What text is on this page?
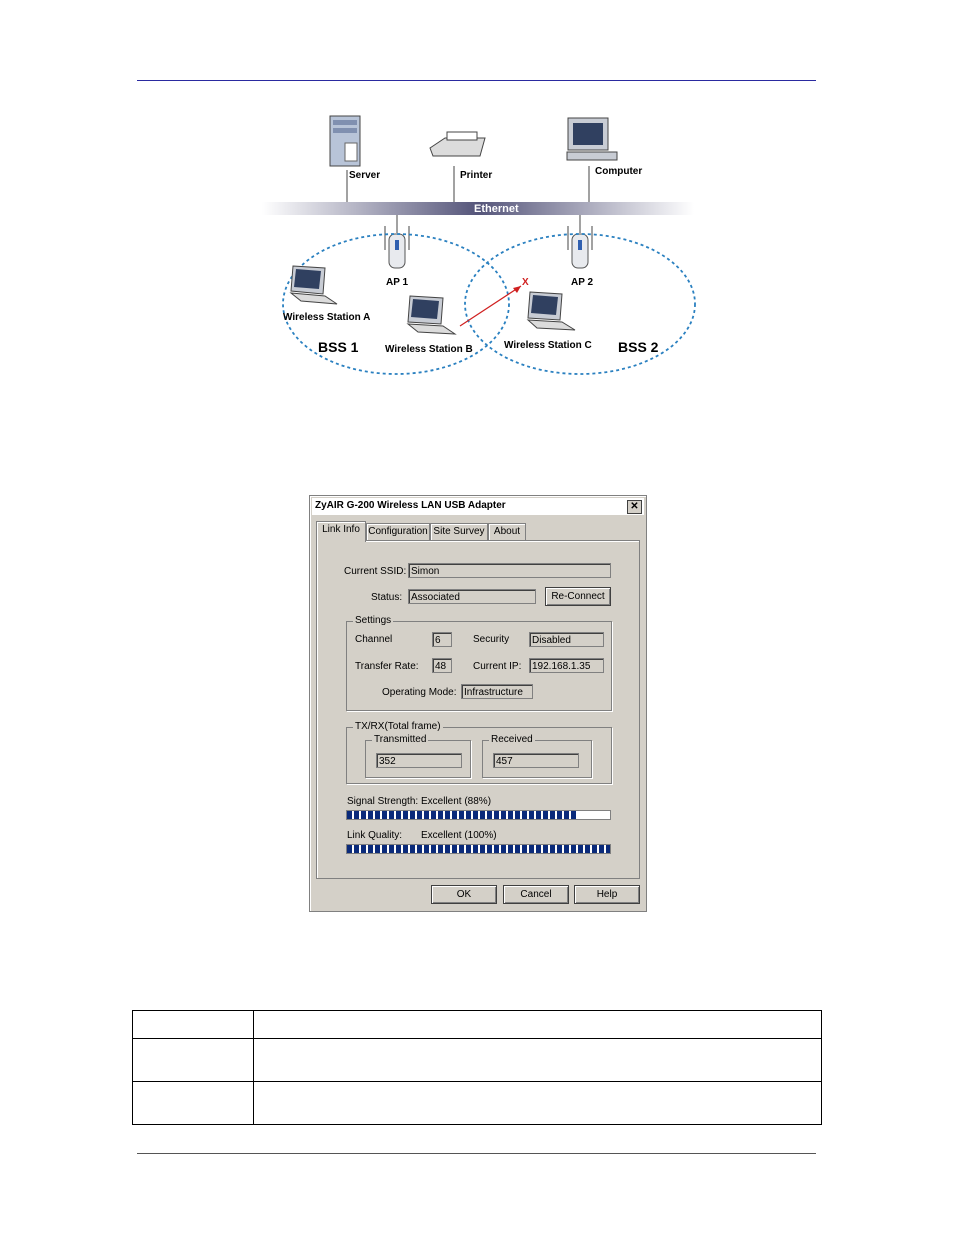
Ethernet
Server	Printer	Computer
AP 1	AP 2
Wireless Station A
Wireless Station B	Wireless Station C
X
BSS 1	BSS 2
ZyAIR G-200 Wireless LAN USB Adapter	✕
Link Info Configuration Site Survey About
Current SSID: Simon
Status: Associated	Re-Connect
Settings
Channel	6	Security	Disabled
Transfer Rate:	48	Current IP:	192.168.1.35
Operating Mode: Infrastructure
TX/RX(Total frame)
Transmitted
352
Received
457
Signal Strength: Excellent (88%)
Link Quality: Excellent (100%)
OK	Cancel	Help
